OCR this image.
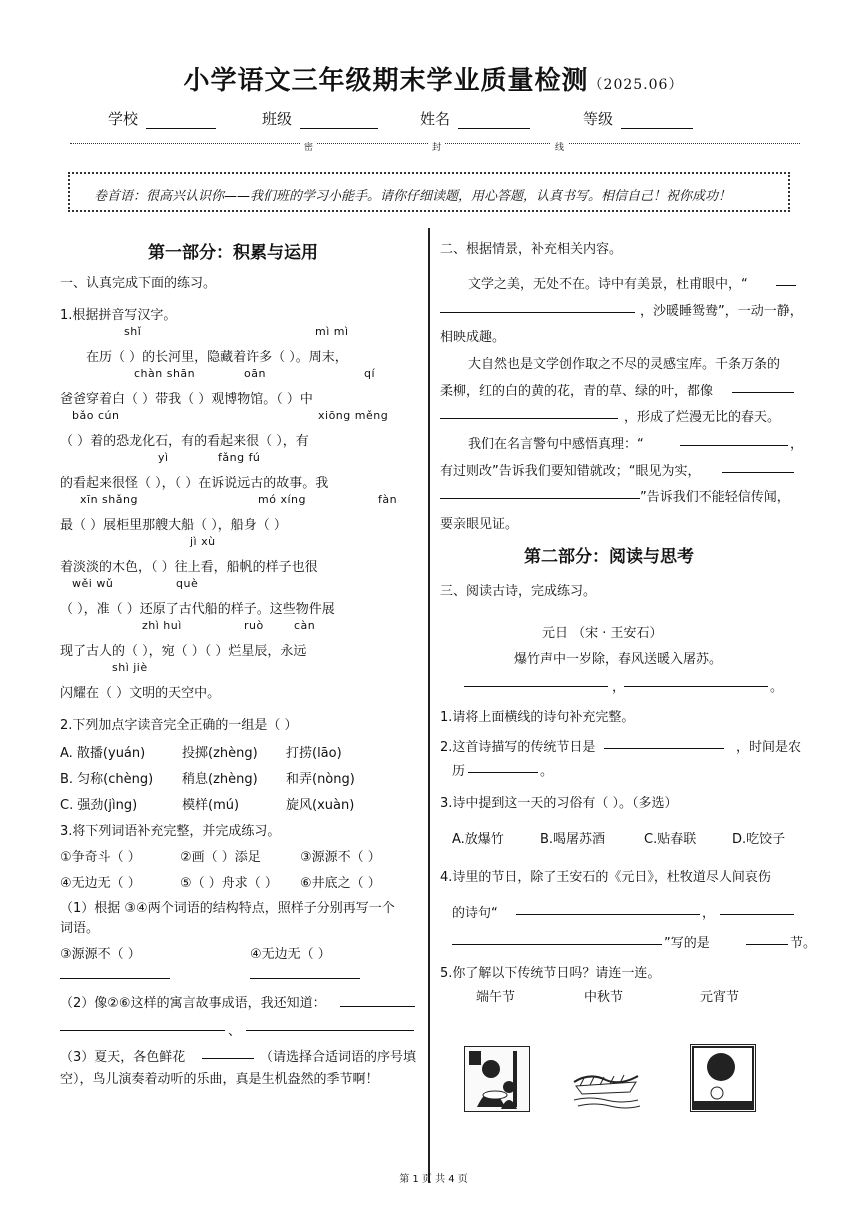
小学语文三年级期末学业质量检测（2025.06）
学校	班级	姓名	等级
密	封	线
卷首语：很高兴认识你——我们班的学习小能手。请你仔细读题，用心答题，认真书写。相信自己！祝你成功！
第一部分：积累与运用
一、认真完成下面的练习。
1.根据拼音写汉字。
shǐ	mì mì
在历（ ）的长河里，隐藏着许多（ ）。周末，
chàn shān	oān	qí
爸爸穿着白（ ）带我（ ）观博物馆。（ ）中
bǎo cún	xiōng měng
（ ）着的恐龙化石，有的看起来很（ ），有
yì	fǎng fú
的看起来很怪（ ），（ ）在诉说远古的故事。我
xīn shǎng	mó xíng	fàn
最（ ）展柜里那艘大船（ ），船身（ ）
jì xù
着淡淡的木色，（ ）往上看，船帆的样子也很
wěi wǔ	què
（ ），准（ ）还原了古代船的样子。这些物件展
zhì huì	ruò	càn
现了古人的（ ），宛（ ）（ ）烂星辰，永远
shì jiè
闪耀在（ ）文明的天空中。
2.下列加点字读音完全正确的一组是（ ）
A. 散播(yuán)	投掷(zhèng) 打捞(lāo)
B. 匀称(chèng) 稍息(zhèng) 和弄(nòng)
C. 强劲(jìng)	模样(mú)	旋风(xuàn)
3.将下列词语补充完整，并完成练习。
①争奇斗（ ）	②画（ ）添足	③源源不（ ）
④无边无（ ）	⑤（ ）舟求（ ） ⑥井底之（ ）
（1）根据 ③④两个词语的结构特点，照样子分别再写一个
词语。
③源源不（ ）	④无边无（ ）
（2）像②⑥这样的寓言故事成语，我还知道：
、
（3）夏天，各色鲜花	（请选择合适词语的序号填
空），鸟儿演奏着动听的乐曲，真是生机盎然的季节啊！
二、根据情景，补充相关内容。
文学之美，无处不在。诗中有美景，杜甫眼中，“
，沙暖睡鸳鸯”，一动一静，
相映成趣。
大自然也是文学创作取之不尽的灵感宝库。千条万条的
柔柳，红的白的黄的花，青的草、绿的叶，都像
，形成了烂漫无比的春天。
我们在名言警句中感悟真理：“	，
有过则改”告诉我们要知错就改；“眼见为实，
”告诉我们不能轻信传闻，
要亲眼见证。
第二部分：阅读与思考
三、阅读古诗，完成练习。
元日 （宋 · 王安石）
爆竹声中一岁除，春风送暖入屠苏。
，	。
1.请将上面横线的诗句补充完整。
2.这首诗描写的传统节日是	，时间是农
历	。
3.诗中提到这一天的习俗有（ ）。（多选）
A.放爆竹	B.喝屠苏酒	C.贴春联	D.吃饺子
4.诗里的节日，除了王安石的《元日》，杜牧道尽人间哀伤
的诗句“	，
”写的是	节。
5.你了解以下传统节日吗？请连一连。
端午节	中秋节	元宵节
第 1 页 共 4 页
